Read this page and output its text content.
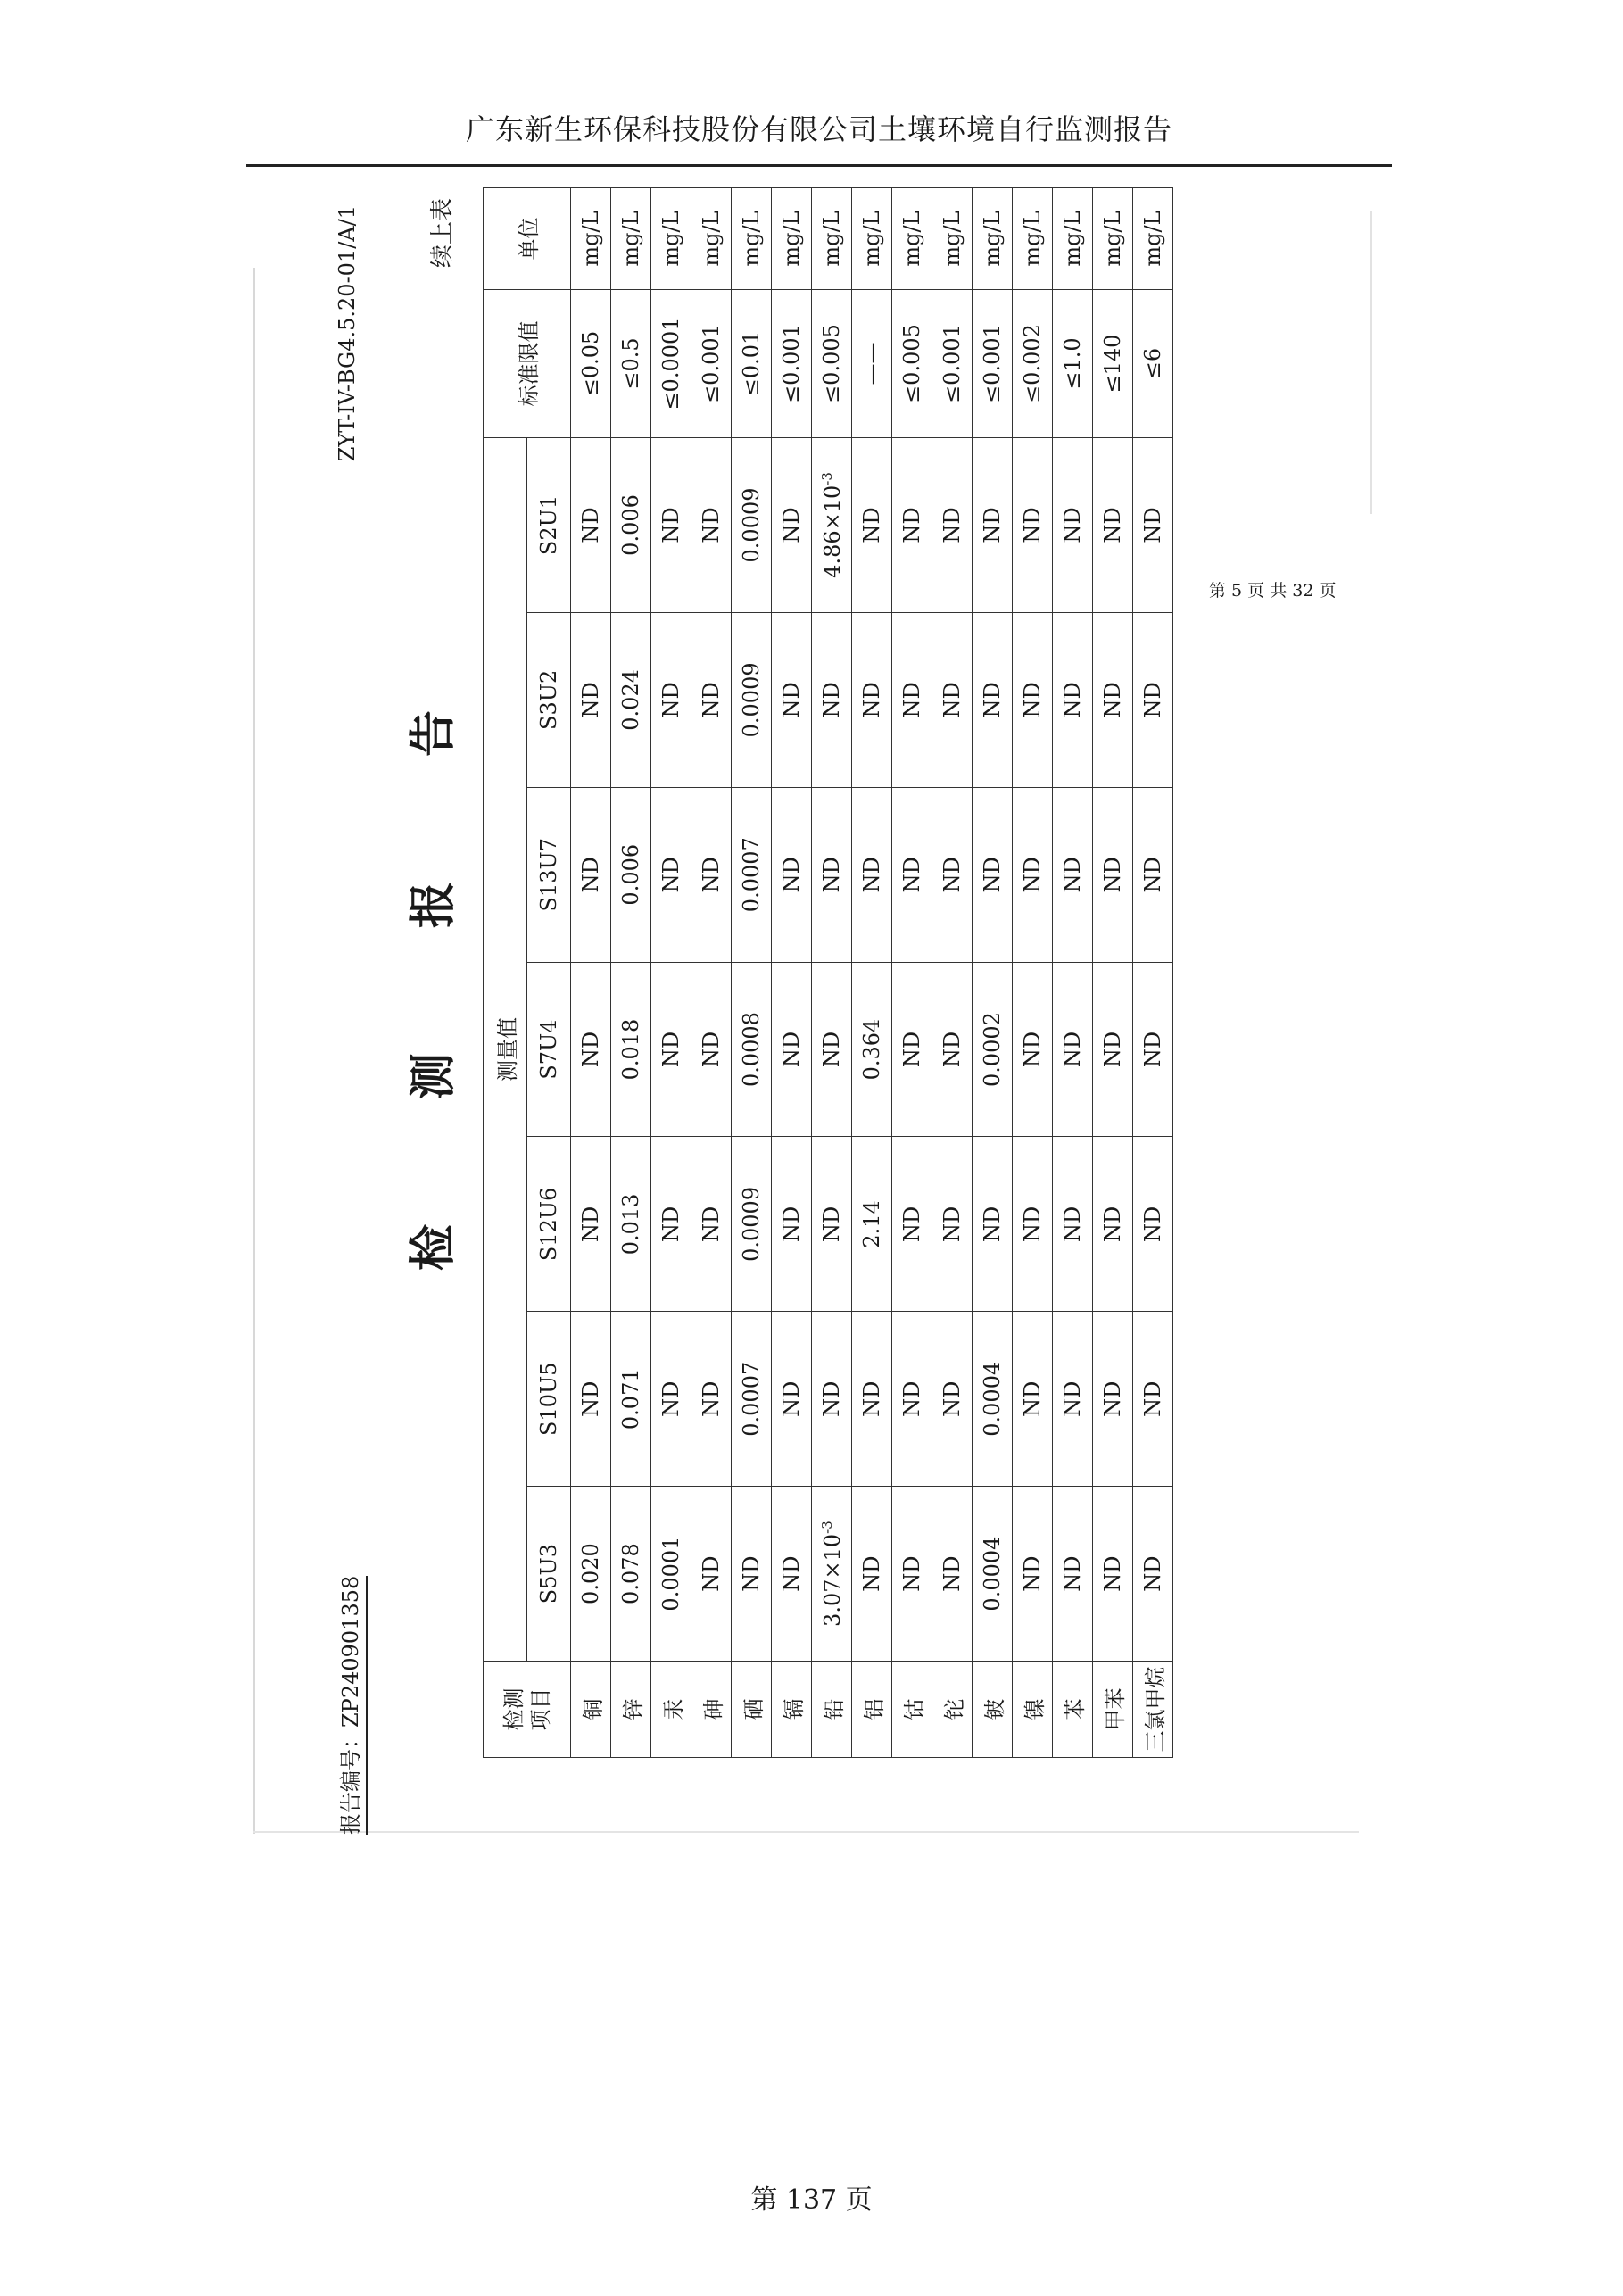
广东新生环保科技股份有限公司土壤环境自行监测报告
报告编号：ZP240901358
ZYT-IV-BG4.5.20-01/A/1
检测报告
续上表
检测
项目	测量值							标准限值	单位
	S5U3	S10U5	S12U6	S7U4	S13U7	S3U2	S2U1		
铜	0.020	ND	ND	ND	ND	ND	ND	≤0.05	mg/L
锌	0.078	0.071	0.013	0.018	0.006	0.024	0.006	≤0.5	mg/L
汞	0.0001	ND	ND	ND	ND	ND	ND	≤0.0001	mg/L
砷	ND	ND	ND	ND	ND	ND	ND	≤0.001	mg/L
硒	ND	0.0007	0.0009	0.0008	0.0007	0.0009	0.0009	≤0.01	mg/L
镉	ND	ND	ND	ND	ND	ND	ND	≤0.001	mg/L
铅	$3.07\times 10^{-3}$	ND	ND	ND	ND	ND	$4.86\times 10^{-3}$	≤0.005	mg/L
铝	ND	ND	2.14	0.364	ND	ND	ND	——	mg/L
钴	ND	ND	ND	ND	ND	ND	ND	≤0.005	mg/L
铊	ND	ND	ND	ND	ND	ND	ND	≤0.001	mg/L
铍	0.0004	0.0004	ND	0.0002	ND	ND	ND	≤0.001	mg/L
镍	ND	ND	ND	ND	ND	ND	ND	≤0.002	mg/L
苯	ND	ND	ND	ND	ND	ND	ND	≤1.0	mg/L
甲苯	ND	ND	ND	ND	ND	ND	ND	≤140	mg/L
三氯甲烷	ND	ND	ND	ND	ND	ND	ND	≤6	mg/L
第 5 页 共 32 页
第 137 页
